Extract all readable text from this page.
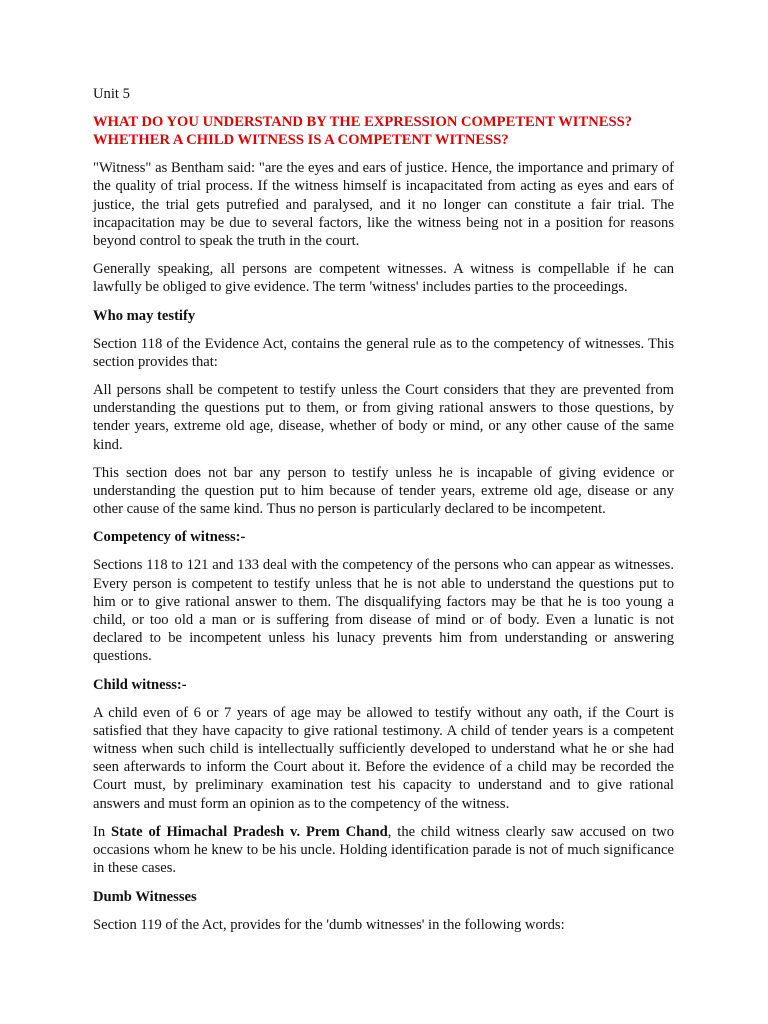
Unit 5
WHAT DO YOU UNDERSTAND BY THE EXPRESSION COMPETENT WITNESS?
WHETHER A CHILD WITNESS IS A COMPETENT WITNESS?

"Witness" as Bentham said: "are the eyes and ears of justice. Hence, the importance and primary of the quality of trial process. If the witness himself is incapacitated from acting as eyes and ears of justice, the trial gets putrefied and paralysed, and it no longer can constitute a fair trial. The incapacitation may be due to several factors, like the witness being not in a position for reasons beyond control to speak the truth in the court.

Generally speaking, all persons are competent witnesses. A witness is compellable if he can lawfully be obliged to give evidence. The term 'witness' includes parties to the proceedings.

Who may testify

Section 118 of the Evidence Act, contains the general rule as to the competency of witnesses. This section provides that:

All persons shall be competent to testify unless the Court considers that they are prevented from understanding the questions put to them, or from giving rational answers to those questions, by tender years, extreme old age, disease, whether of body or mind, or any other cause of the same kind.

This section does not bar any person to testify unless he is incapable of giving evidence or understanding the question put to him because of tender years, extreme old age, disease or any other cause of the same kind. Thus no person is particularly declared to be incompetent.

Competency of witness:-

Sections 118 to 121 and 133 deal with the competency of the persons who can appear as witnesses. Every person is competent to testify unless that he is not able to understand the questions put to him or to give rational answer to them. The disqualifying factors may be that he is too young a child, or too old a man or is suffering from disease of mind or of body. Even a lunatic is not declared to be incompetent unless his lunacy prevents him from understanding or answering questions.

Child witness:-

A child even of 6 or 7 years of age may be allowed to testify without any oath, if the Court is satisfied that they have capacity to give rational testimony. A child of tender years is a competent witness when such child is intellectually sufficiently developed to understand what he or she had seen afterwards to inform the Court about it. Before the evidence of a child may be recorded the Court must, by preliminary examination test his capacity to understand and to give rational answers and must form an opinion as to the competency of the witness.

In State of Himachal Pradesh v. Prem Chand, the child witness clearly saw accused on two occasions whom he knew to be his uncle. Holding identification parade is not of much significance in these cases.

Dumb Witnesses

Section 119 of the Act, provides for the 'dumb witnesses' in the following words:
